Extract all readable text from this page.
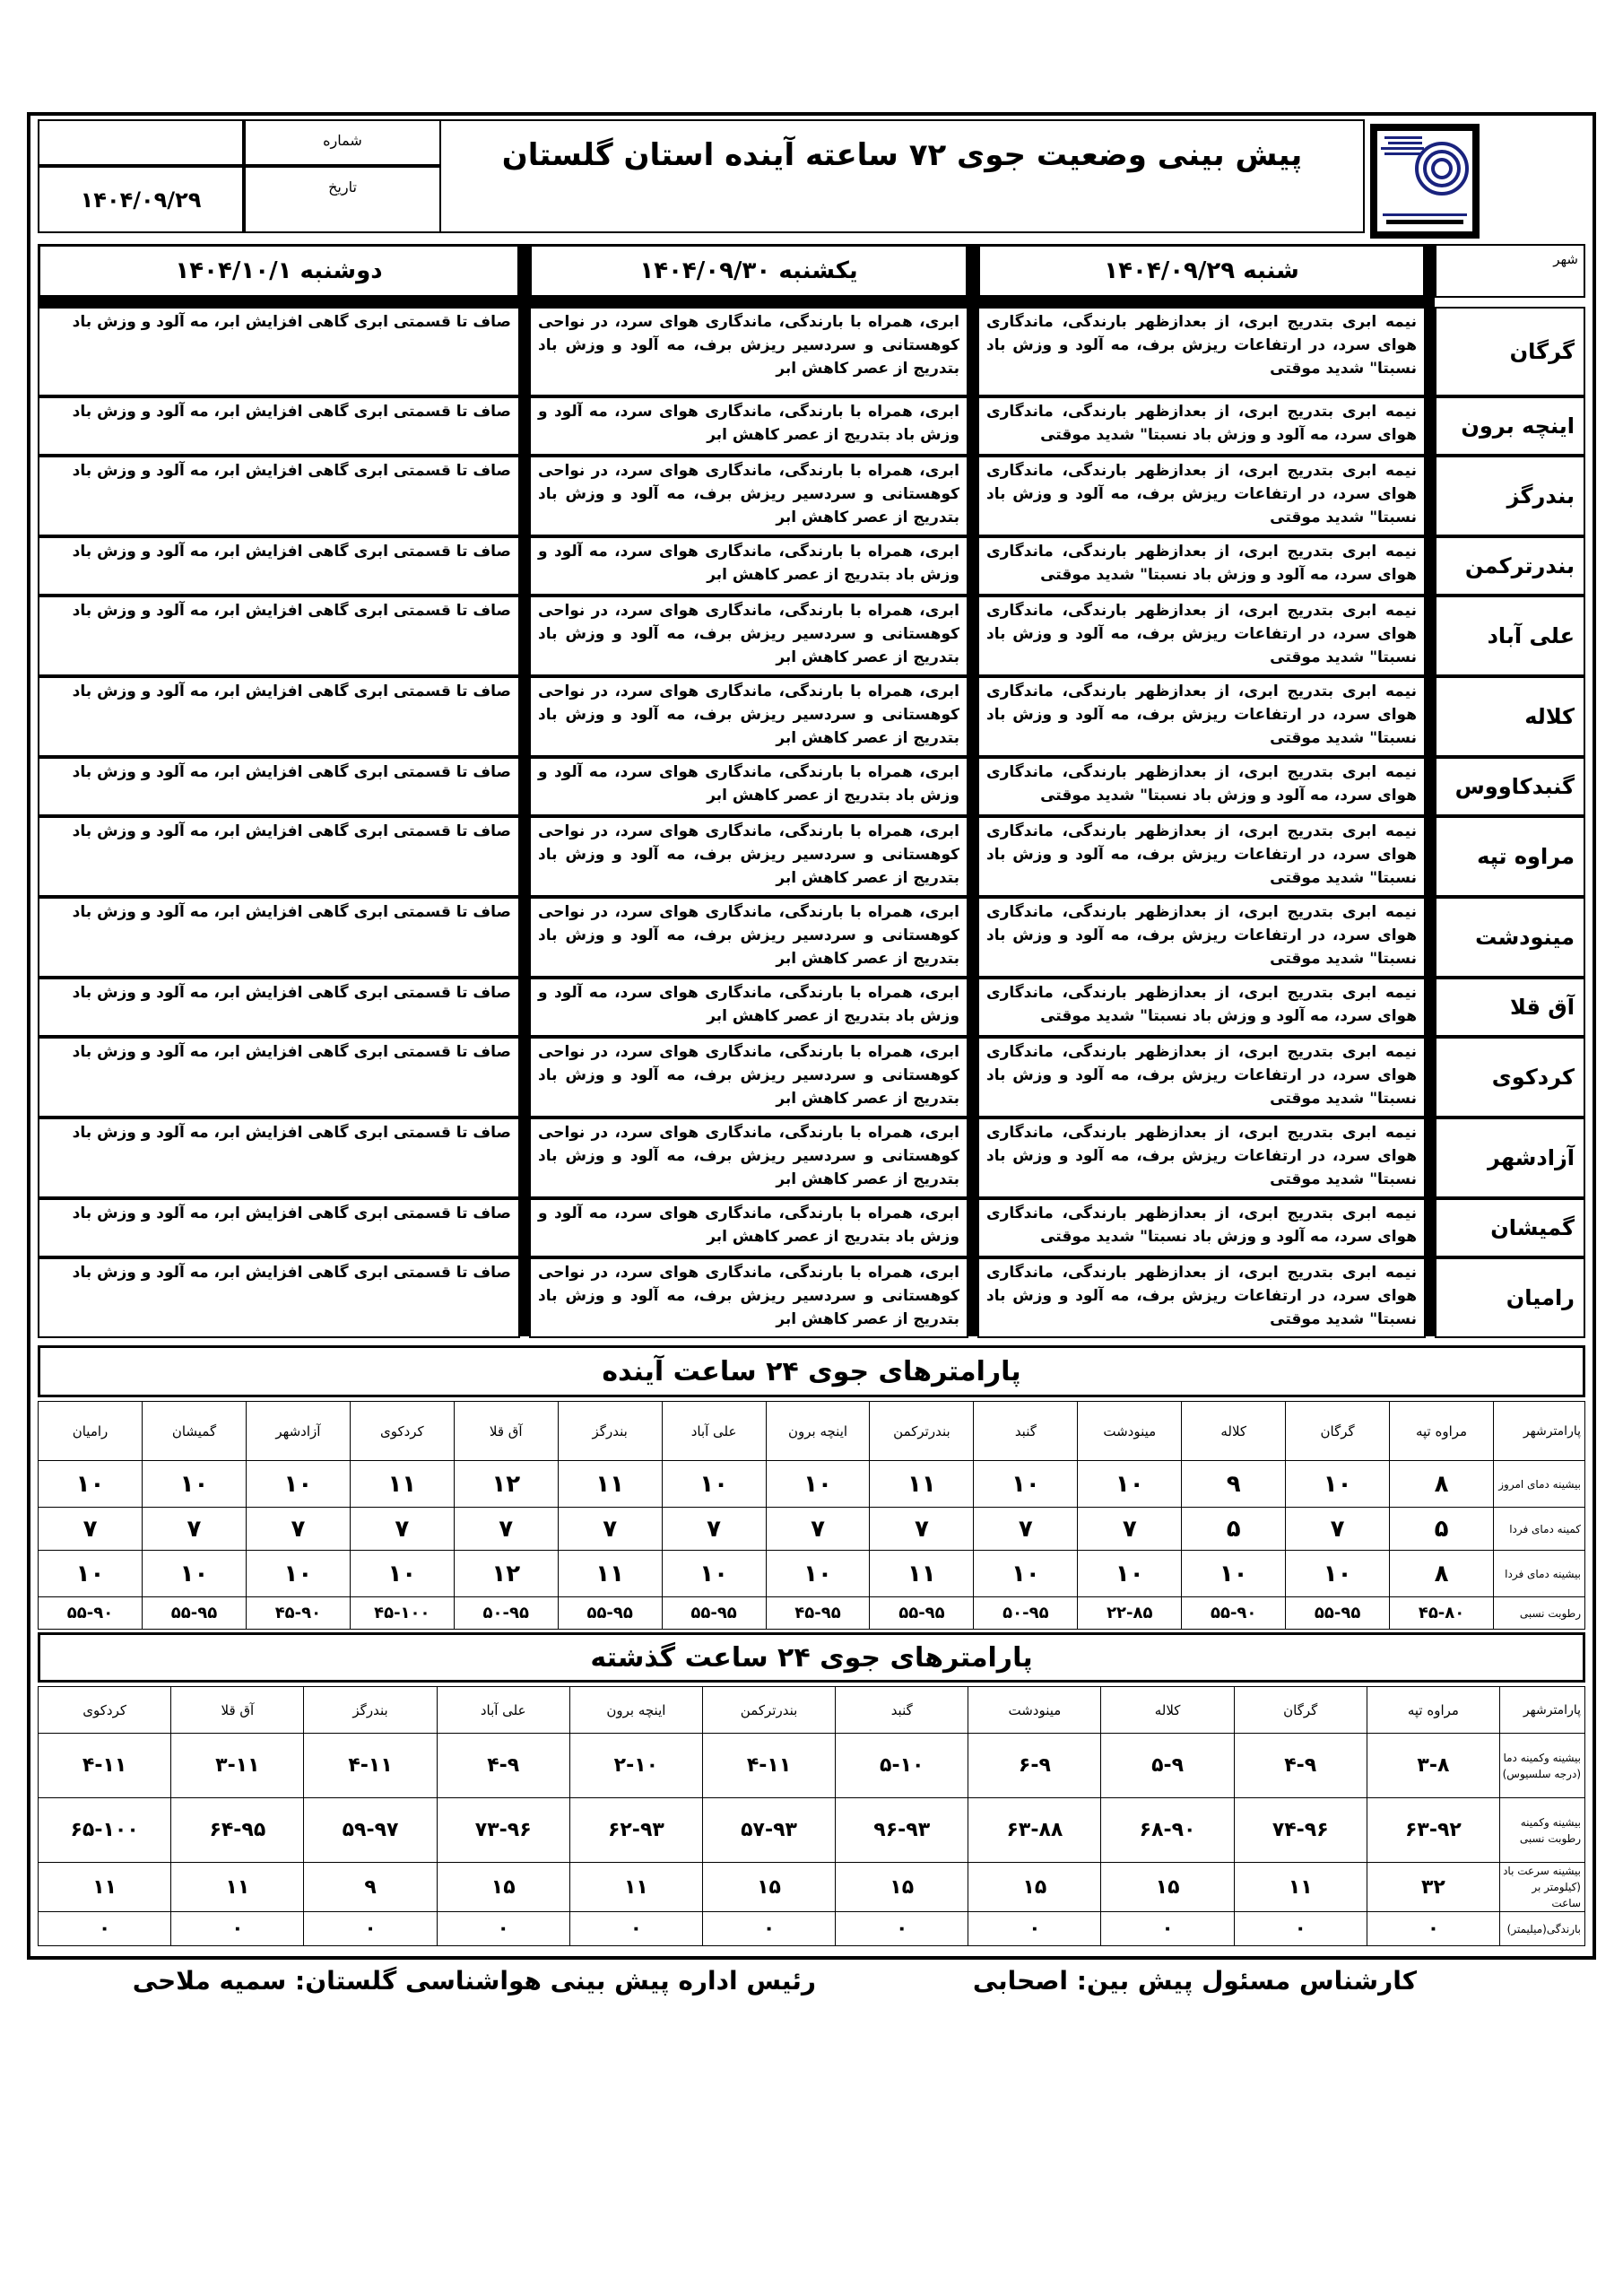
شماره
۱۴۰۴/۰۹/۲۹	تاریخ
پیش بینی وضعیت جوی ۷۲ ساعته آینده استان گلستان
شنبه ۱۴۰۴/۰۹/۲۹
یکشنبه ۱۴۰۴/۰۹/۳۰
دوشنبه ۱۴۰۴/۱۰/۱	شهر
گرگان
نیمه ابری بتدریج ابری، از بعدازظهر بارندگی، ماندگاری هوای سرد، در ارتفاعات ریزش برف، مه آلود و وزش باد نسبتا" شدید موقتی
ابری، همراه با بارندگی، ماندگاری هوای سرد، در نواحی کوهستانی و سردسیر ریزش برف، مه آلود و وزش باد بتدریج از عصر کاهش ابر
صاف تا قسمتی ابری گاهی افزایش ابر، مه آلود و وزش باد
اینچه برون
نیمه ابری بتدریج ابری، از بعدازظهر بارندگی، ماندگاری هوای سرد، مه آلود و وزش باد نسبتا" شدید موقتی
ابری، همراه با بارندگی، ماندگاری هوای سرد، مه آلود و وزش باد بتدریج از عصر کاهش ابر
صاف تا قسمتی ابری گاهی افزایش ابر، مه آلود و وزش باد
بندرگز
نیمه ابری بتدریج ابری، از بعدازظهر بارندگی، ماندگاری هوای سرد، در ارتفاعات ریزش برف، مه آلود و وزش باد نسبتا" شدید موقتی
ابری، همراه با بارندگی، ماندگاری هوای سرد، در نواحی کوهستانی و سردسیر ریزش برف، مه آلود و وزش باد بتدریج از عصر کاهش ابر
صاف تا قسمتی ابری گاهی افزایش ابر، مه آلود و وزش باد
بندرترکمن
نیمه ابری بتدریج ابری، از بعدازظهر بارندگی، ماندگاری هوای سرد، مه آلود و وزش باد نسبتا" شدید موقتی
ابری، همراه با بارندگی، ماندگاری هوای سرد، مه آلود و وزش باد بتدریج از عصر کاهش ابر
صاف تا قسمتی ابری گاهی افزایش ابر، مه آلود و وزش باد
علی آباد
نیمه ابری بتدریج ابری، از بعدازظهر بارندگی، ماندگاری هوای سرد، در ارتفاعات ریزش برف، مه آلود و وزش باد نسبتا" شدید موقتی
ابری، همراه با بارندگی، ماندگاری هوای سرد، در نواحی کوهستانی و سردسیر ریزش برف، مه آلود و وزش باد بتدریج از عصر کاهش ابر
صاف تا قسمتی ابری گاهی افزایش ابر، مه آلود و وزش باد
کلاله
نیمه ابری بتدریج ابری، از بعدازظهر بارندگی، ماندگاری هوای سرد، در ارتفاعات ریزش برف، مه آلود و وزش باد نسبتا" شدید موقتی
ابری، همراه با بارندگی، ماندگاری هوای سرد، در نواحی کوهستانی و سردسیر ریزش برف، مه آلود و وزش باد بتدریج از عصر کاهش ابر
صاف تا قسمتی ابری گاهی افزایش ابر، مه آلود و وزش باد
گنبدکاووس
نیمه ابری بتدریج ابری، از بعدازظهر بارندگی، ماندگاری هوای سرد، مه آلود و وزش باد نسبتا" شدید موقتی
ابری، همراه با بارندگی، ماندگاری هوای سرد، مه آلود و وزش باد بتدریج از عصر کاهش ابر
صاف تا قسمتی ابری گاهی افزایش ابر، مه آلود و وزش باد
مراوه تپه
نیمه ابری بتدریج ابری، از بعدازظهر بارندگی، ماندگاری هوای سرد، در ارتفاعات ریزش برف، مه آلود و وزش باد نسبتا" شدید موقتی
ابری، همراه با بارندگی، ماندگاری هوای سرد، در نواحی کوهستانی و سردسیر ریزش برف، مه آلود و وزش باد بتدریج از عصر کاهش ابر
صاف تا قسمتی ابری گاهی افزایش ابر، مه آلود و وزش باد
مینودشت
نیمه ابری بتدریج ابری، از بعدازظهر بارندگی، ماندگاری هوای سرد، در ارتفاعات ریزش برف، مه آلود و وزش باد نسبتا" شدید موقتی
ابری، همراه با بارندگی، ماندگاری هوای سرد، در نواحی کوهستانی و سردسیر ریزش برف، مه آلود و وزش باد بتدریج از عصر کاهش ابر
صاف تا قسمتی ابری گاهی افزایش ابر، مه آلود و وزش باد
آق قلا
نیمه ابری بتدریج ابری، از بعدازظهر بارندگی، ماندگاری هوای سرد، مه آلود و وزش باد نسبتا" شدید موقتی
ابری، همراه با بارندگی، ماندگاری هوای سرد، مه آلود و وزش باد بتدریج از عصر کاهش ابر
صاف تا قسمتی ابری گاهی افزایش ابر، مه آلود و وزش باد
کردکوی
نیمه ابری بتدریج ابری، از بعدازظهر بارندگی، ماندگاری هوای سرد، در ارتفاعات ریزش برف، مه آلود و وزش باد نسبتا" شدید موقتی
ابری، همراه با بارندگی، ماندگاری هوای سرد، در نواحی کوهستانی و سردسیر ریزش برف، مه آلود و وزش باد بتدریج از عصر کاهش ابر
صاف تا قسمتی ابری گاهی افزایش ابر، مه آلود و وزش باد
آزادشهر
نیمه ابری بتدریج ابری، از بعدازظهر بارندگی، ماندگاری هوای سرد، در ارتفاعات ریزش برف، مه آلود و وزش باد نسبتا" شدید موقتی
ابری، همراه با بارندگی، ماندگاری هوای سرد، در نواحی کوهستانی و سردسیر ریزش برف، مه آلود و وزش باد بتدریج از عصر کاهش ابر
صاف تا قسمتی ابری گاهی افزایش ابر، مه آلود و وزش باد
گمیشان
نیمه ابری بتدریج ابری، از بعدازظهر بارندگی، ماندگاری هوای سرد، مه آلود و وزش باد نسبتا" شدید موقتی
ابری، همراه با بارندگی، ماندگاری هوای سرد، مه آلود و وزش باد بتدریج از عصر کاهش ابر
صاف تا قسمتی ابری گاهی افزایش ابر، مه آلود و وزش باد
رامیان
نیمه ابری بتدریج ابری، از بعدازظهر بارندگی، ماندگاری هوای سرد، در ارتفاعات ریزش برف، مه آلود و وزش باد نسبتا" شدید موقتی
ابری، همراه با بارندگی، ماندگاری هوای سرد، در نواحی کوهستانی و سردسیر ریزش برف، مه آلود و وزش باد بتدریج از عصر کاهش ابر
صاف تا قسمتی ابری گاهی افزایش ابر، مه آلود و وزش باد
پارامترهای جوی ۲۴ ساعت آینده
پارامترشهر	مراوه تپه	گرگان	کلاله	مینودشت	گنبد	بندرترکمن	اینچه برون	علی آباد	بندرگز	آق قلا	کردکوی	آزادشهر	گمیشان	رامیان
بیشینه دمای امروز	۸	۱۰	۹	۱۰	۱۰	۱۱	۱۰	۱۰	۱۱	۱۲	۱۱	۱۰	۱۰	۱۰
کمینه دمای فردا	۵	۷	۵	۷	۷	۷	۷	۷	۷	۷	۷	۷	۷	۷
بیشینه دمای فردا	۸	۱۰	۱۰	۱۰	۱۰	۱۱	۱۰	۱۰	۱۱	۱۲	۱۰	۱۰	۱۰	۱۰
رطوبت نسبی	۴۵-۸۰	۵۵-۹۵	۵۵-۹۰	۲۲-۸۵	۵۰-۹۵	۵۵-۹۵	۴۵-۹۵	۵۵-۹۵	۵۵-۹۵	۵۰-۹۵	۴۵-۱۰۰	۴۵-۹۰	۵۵-۹۵	۵۵-۹۰
پارامترهای جوی ۲۴ ساعت گذشته
پارامترشهر	مراوه تپه	گرگان	کلاله	مینودشت	گنبد	بندرترکمن	اینچه برون	علی آباد	بندرگز	آق قلا	کردکوی
بیشینه وکمینه دما (درجه سلسیوس)	۳-۸	۴-۹	۵-۹	۶-۹	۵-۱۰	۴-۱۱	۲-۱۰	۴-۹	۴-۱۱	۳-۱۱	۴-۱۱
بیشینه وکمینه رطوبت نسبی	۶۳-۹۲	۷۴-۹۶	۶۸-۹۰	۶۳-۸۸	۹۶-۹۳	۵۷-۹۳	۶۲-۹۳	۷۳-۹۶	۵۹-۹۷	۶۴-۹۵	۶۵-۱۰۰
بیشینه سرعت باد (کیلومتر بر ساعت	۳۲	۱۱	۱۵	۱۵	۱۵	۱۵	۱۱	۱۵	۹	۱۱	۱۱
بارندگی(میلیمتر)	۰	۰	۰	۰	۰	۰	۰	۰	۰	۰	۰
کارشناس مسئول پیش بین: اصحابی
رئیس اداره پیش بینی هواشناسی گلستان: سمیه ملاحی
